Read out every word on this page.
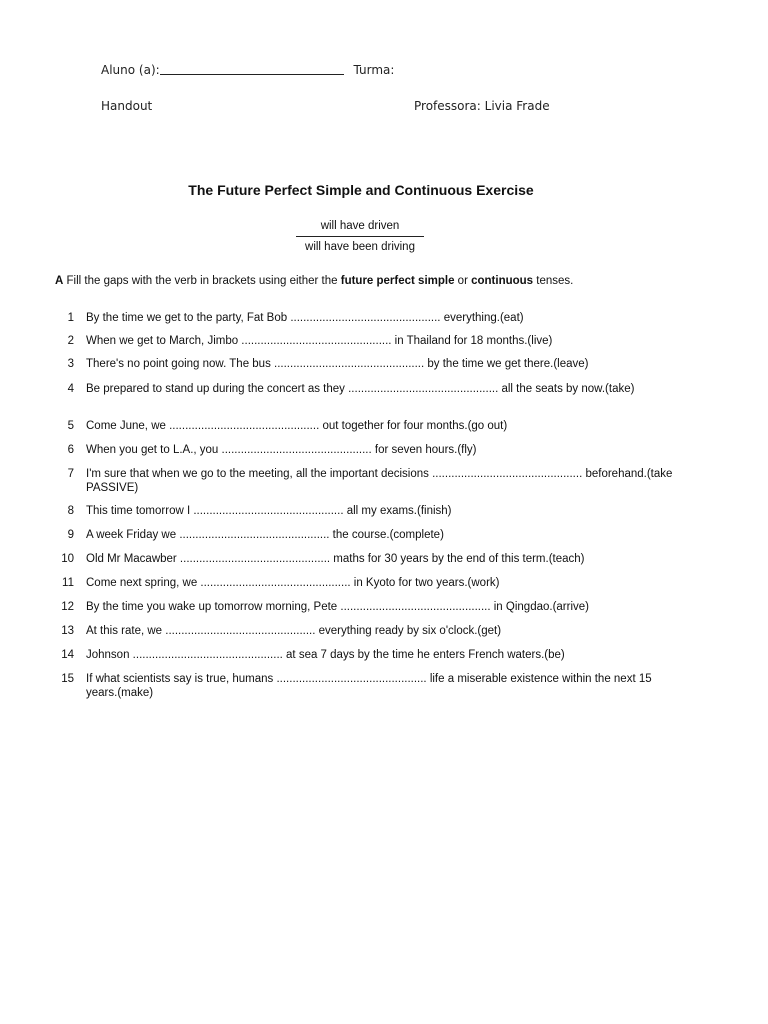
Aluno (a):	Turma:
Handout	Professora: Livia Frade
The Future Perfect Simple and Continuous Exercise
will have driven
will have been driving
A Fill the gaps with the verb in brackets using either the future perfect simple or continuous tenses.
1 By the time we get to the party, Fat Bob ............................................... everything.(eat)
2 When we get to March, Jimbo ............................................... in Thailand for 18 months.(live)
3 There's no point going now. The bus ............................................... by the time we get there.(leave)
4 Be prepared to stand up during the concert as they ............................................... all the seats by now.(take)
5 Come June, we ............................................... out together for four months.(go out)
6 When you get to L.A., you ............................................... for seven hours.(fly)
7 I'm sure that when we go to the meeting, all the important decisions ............................................... beforehand.(take PASSIVE)
8 This time tomorrow I ............................................... all my exams.(finish)
9 A week Friday we ............................................... the course.(complete)
10 Old Mr Macawber ............................................... maths for 30 years by the end of this term.(teach)
11 Come next spring, we ............................................... in Kyoto for two years.(work)
12 By the time you wake up tomorrow morning, Pete ............................................... in Qingdao.(arrive)
13 At this rate, we ............................................... everything ready by six o'clock.(get)
14 Johnson ............................................... at sea 7 days by the time he enters French waters.(be)
15 If what scientists say is true, humans ............................................... life a miserable existence within the next 15 years.(make)
